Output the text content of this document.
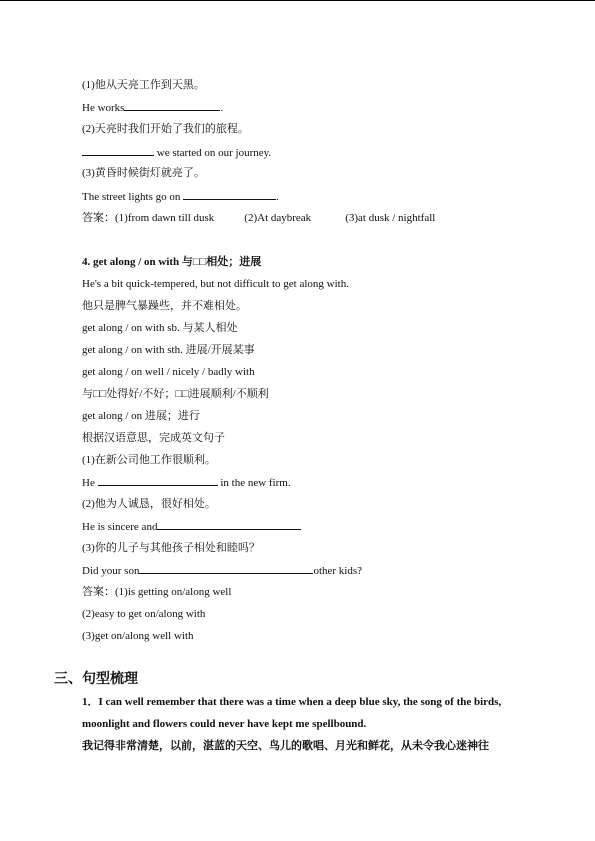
(1)他从天亮工作到天黑。
He works	.
(2)天亮时我们开始了我们的旅程。
we started on our journey.
(3)黄昏时候街灯就亮了。
The street lights go on	.
答案：(1)from dawn till dusk	(2)At daybreak	(3)at dusk / nightfall
4. get along / on with 与□□相处；进展
He's a bit quick-tempered, but not difficult to get along with.
他只是脾气暴躁些，并不难相处。
get along / on with sb. 与某人相处
get along / on with sth. 进展/开展某事
get along / on well / nicely / badly with
与□□处得好/不好；□□进展顺利/不顺利
get along / on 进展；进行
根据汉语意思，完成英文句子
(1)在新公司他工作很顺利。
He	in the new firm.
(2)他为人诚恳，很好相处。
He is sincere and
(3)你的儿子与其他孩子相处和睦吗？
Did your son	other kids?
答案：(1)is getting on/along well
(2)easy to get on/along with
(3)get on/along well with
三、句型梳理
1．I can well remember that there was a time when a deep blue sky, the song of the birds,
moonlight and flowers could never have kept me spellbound.
我记得非常清楚，以前，湛蓝的天空、鸟儿的歌唱、月光和鲜花，从未令我心迷神往
